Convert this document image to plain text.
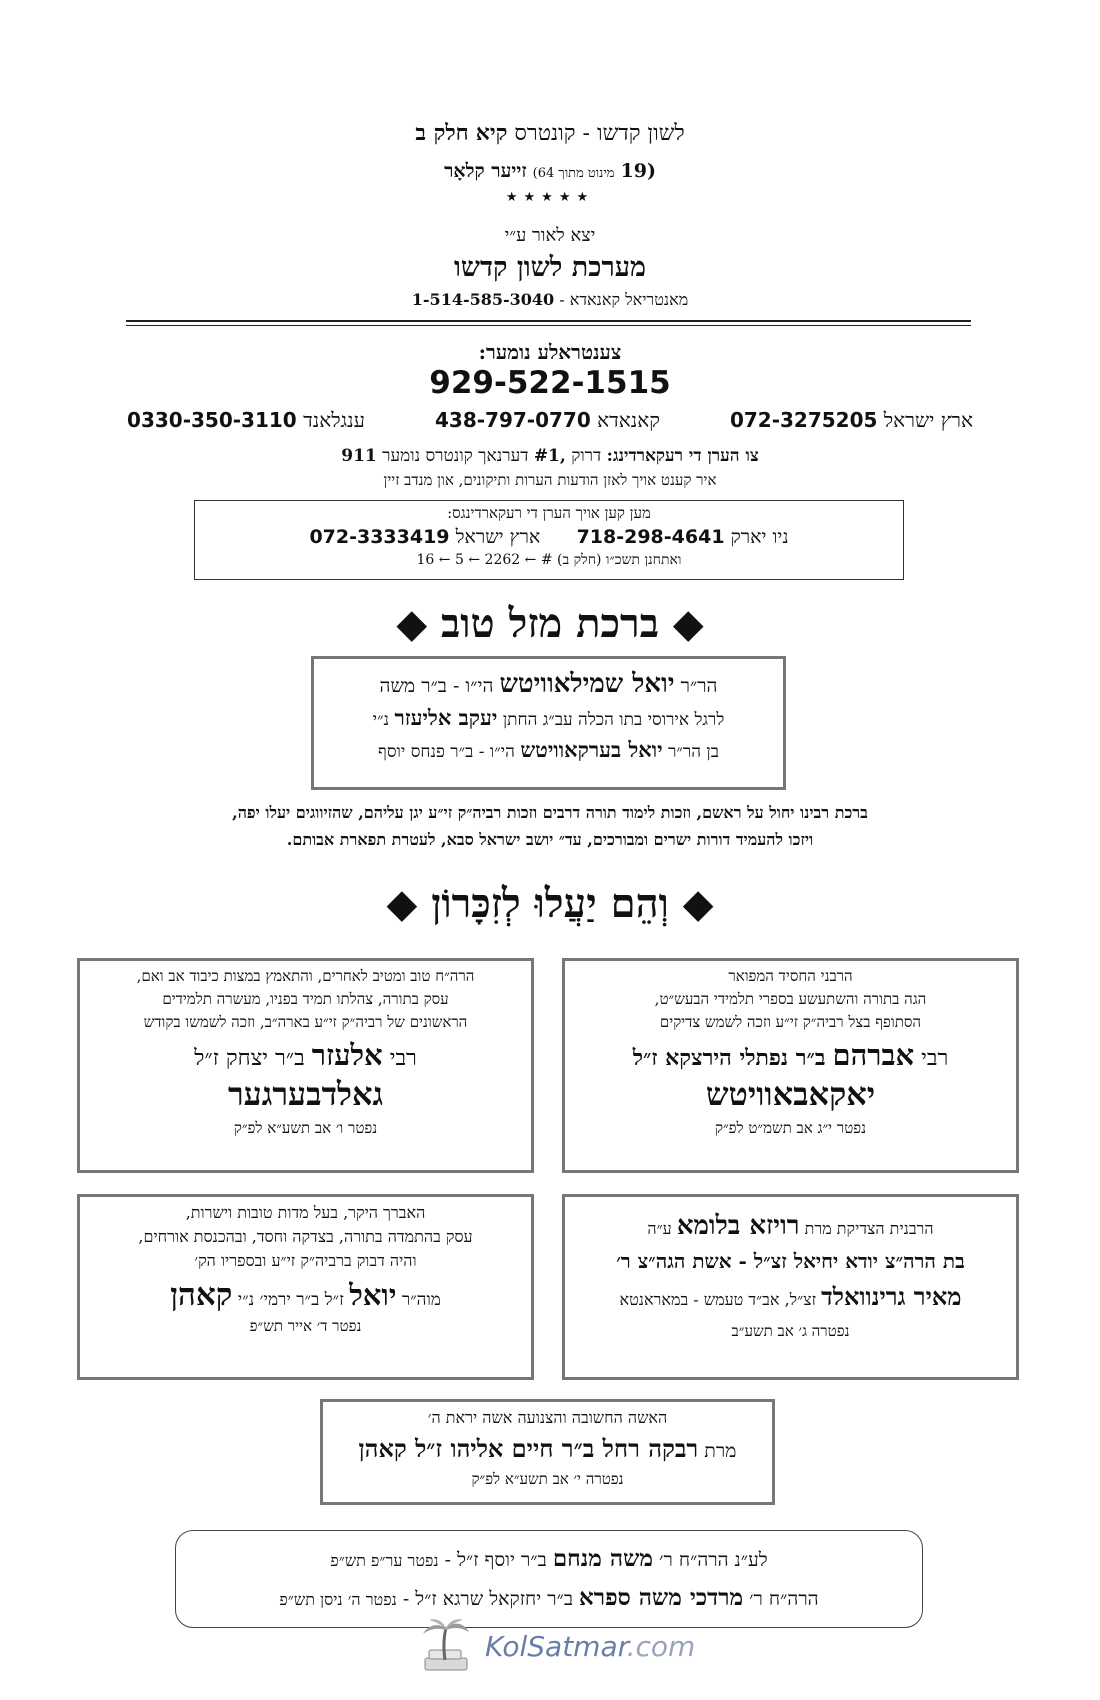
לשון קדשו - קונטרס קיא חלק ב
(19 מינוט מתוך 64) זייער קלאָר
★★★★★
יצא לאור ע״י
מערכת לשון קדשו
מאנטריאל קאנאדא - 1-514-585-3040
צענטראלע נומער:
929-522-1515
ארץ ישראל 072-3275205
קאנאדא 438-797-0770
ענגלאנד 0330-350-3110
צו הערן די רעקארדינג: דרוק #1, דערנאך קונטרס נומער 911
איר קענט אויך לאזן הודעות הערות ותיקונים, און מנדב זיין
מען קען אויך הערן די רעקארדינגס:
ניו יארק 718-298-4641      ארץ ישראל 072-3333419
ואתחנן תשכ״ו (חלק ב) # ← 2262 ← 5 ← 16
◆ ברכת מזל טוב ◆

הר״ר יואל שמילאוויטש הי״ו - ב״ר משה

לרגל אירוסי בתו הכלה עב״ג החתן יעקב אליעזר נ״י

בן הר״ר יואל בערקאוויטש הי״ו - ב״ר פנחס יוסף

ברכת רבינו יחול על ראשם, וזכות לימוד תורה דרבים וזכות רביה״ק זי״ע יגן עליהם, שהזיווגים יעלו יפה,
ויזכו להעמיד דורות ישרים ומבורכים, עד״ יושב ישראל סבא, לעטרת תפארת אבותם.
◆ וְהֵם יַעֲלוּ לְזִכָּרוֹן ◆

הרבני החסיד המפואר

הגה בתורה והשתעשע בספרי תלמידי הבעש״ט,

הסתופף בצל רביה״ק זי״ע וזכה לשמש צדיקים

רבי אברהם ב״ר נפתלי הירצקא ז״ל

יאקאבאוויטש

נפטר י״ג אב תשמ״ט לפ״ק

הרה״ח טוב ומטיב לאחרים, והתאמץ במצות כיבוד אב ואם,

עסק בתורה, צהלתו תמיד בפניו, מעשרה תלמידים

הראשונים של רביה״ק זי״ע בארה״ב, וזכה לשמשו בקודש

רבי אלעזר ב״ר יצחק ז״ל

גאלדבערגער

נפטר ו׳ אב תשע״א לפ״ק

הרבנית הצדיקת מרת רויזא בלומא ע״ה

בת הרה״צ יודא יחיאל זצ״ל - אשת הגה״צ ר׳

מאיר גרינוואלד זצ״ל, אב״ד טעמש - במאראנטא

נפטרה ג׳ אב תשע״ב

האברך היקר, בעל מדות טובות וישרות,

עסק בהתמדה בתורה, בצדקה וחסד, ובהכנסת אורחים,

והיה דבוק ברביה״ק זי״ע ובספריו הק׳

מוה״ר יואל ז״ל ב״ר ירמי׳ נ״י קאהן

נפטר ד׳ אייר תש״פ

האשה החשובה והצנועה אשה יראת ה׳

מרת רבקה רחל ב״ר חיים אליהו ז״ל קאהן

נפטרה י׳ אב תשע״א לפ״ק

לע״נ הרה״ח ר׳ משה מנחם ב״ר יוסף ז״ל - נפטר ער״פ תש״פ

הרה״ח ר׳ מרדכי משה ספרא ב״ר יחזקאל שרגא ז״ל - נפטר ה׳ ניסן תש״פ

KolSatmar.com
